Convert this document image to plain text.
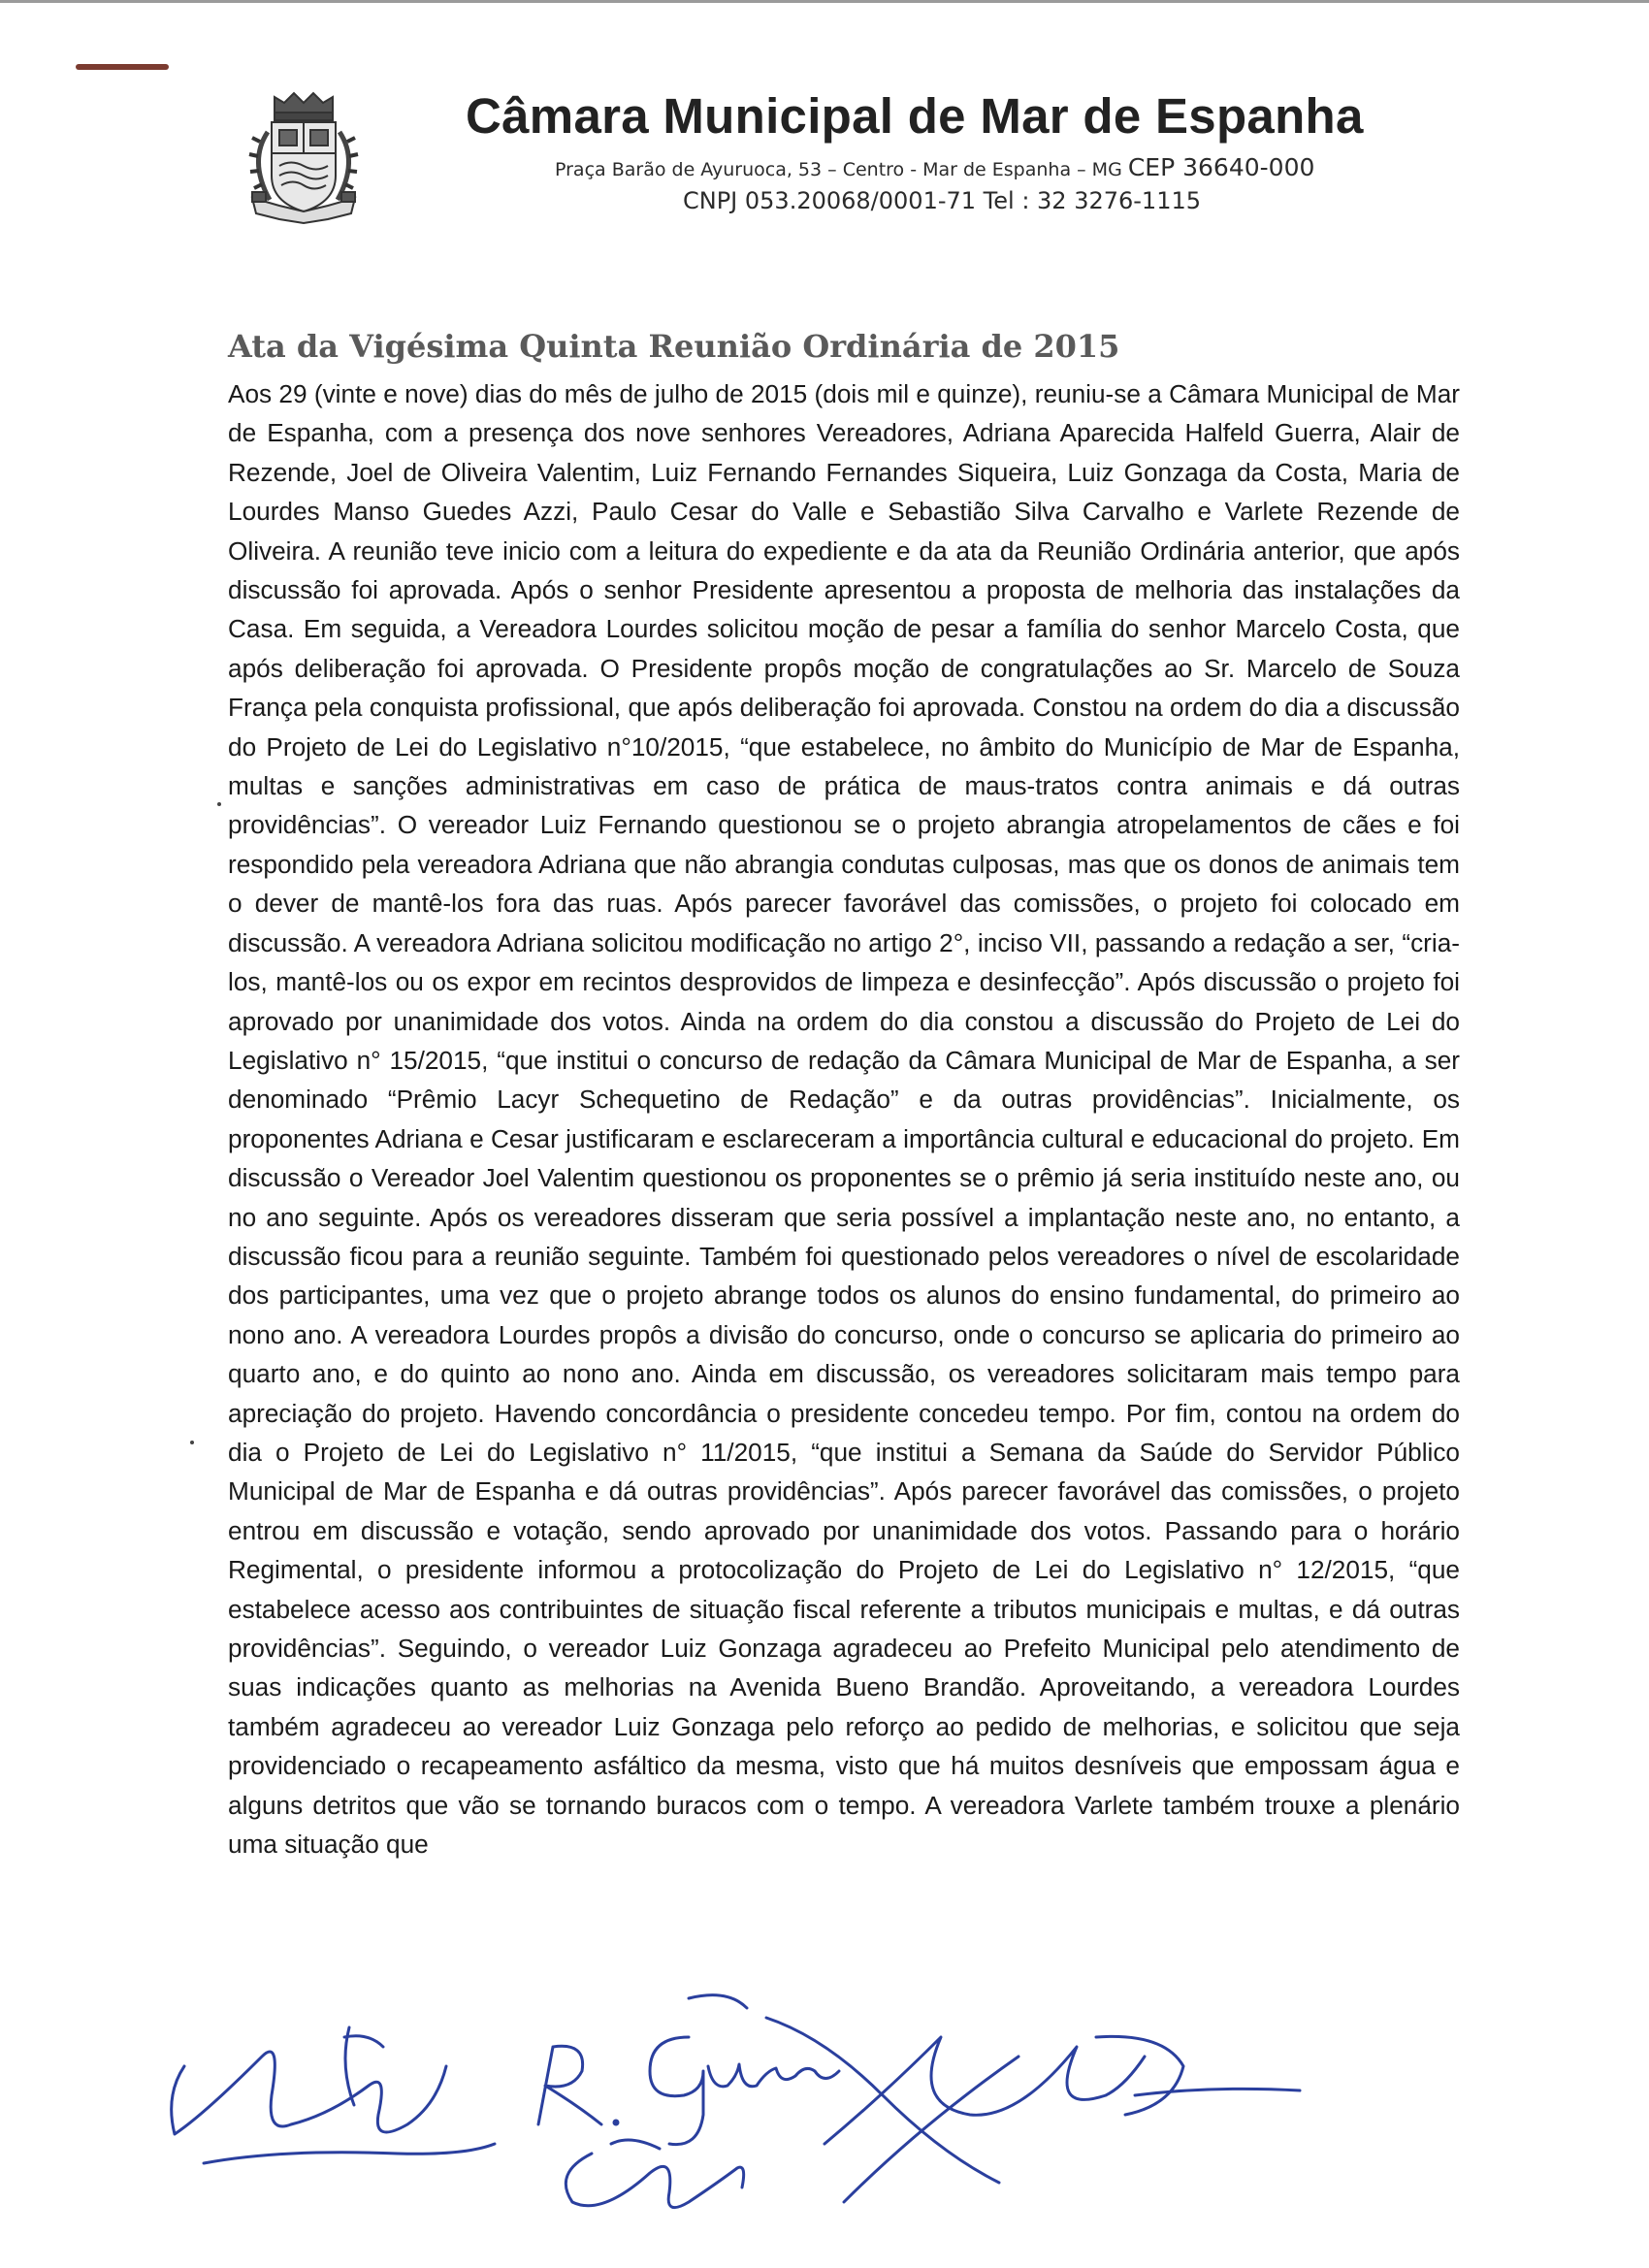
Câmara Municipal de Mar de Espanha
Praça Barão de Ayuruoca, 53 – Centro - Mar de Espanha – MG CEP 36640-000
CNPJ 053.20068/0001-71 Tel : 32 3276-1115
Ata da Vigésima Quinta Reunião Ordinária de 2015

Aos 29 (vinte e nove) dias do mês de julho de 2015 (dois mil e quinze), reuniu-se a Câmara Municipal de Mar de Espanha, com a presença dos nove senhores Vereadores, Adriana Aparecida Halfeld Guerra, Alair de Rezende, Joel de Oliveira Valentim, Luiz Fernando Fernandes Siqueira, Luiz Gonzaga da Costa, Maria de Lourdes Manso Guedes Azzi, Paulo Cesar do Valle e Sebastião Silva Carvalho e Varlete Rezende de Oliveira. A reunião teve inicio com a leitura do expediente e da ata da Reunião Ordinária anterior, que após discussão foi aprovada. Após o senhor Presidente apresentou a proposta de melhoria das instalações da Casa. Em seguida, a Vereadora Lourdes solicitou moção de pesar a família do senhor Marcelo Costa, que após deliberação foi aprovada. O Presidente propôs moção de congratulações ao Sr. Marcelo de Souza França pela conquista profissional, que após deliberação foi aprovada. Constou na ordem do dia a discussão do Projeto de Lei do Legislativo n°10/2015, “que estabelece, no âmbito do Município de Mar de Espanha, multas e sanções administrativas em caso de prática de maus-tratos contra animais e dá outras providências”. O vereador Luiz Fernando questionou se o projeto abrangia atropelamentos de cães e foi respondido pela vereadora Adriana que não abrangia condutas culposas, mas que os donos de animais tem o dever de mantê-los fora das ruas. Após parecer favorável das comissões, o projeto foi colocado em discussão. A vereadora Adriana solicitou modificação no artigo 2°, inciso VII, passando a redação a ser, “cria-los, mantê-los ou os expor em recintos desprovidos de limpeza e desinfecção”. Após discussão o projeto foi aprovado por unanimidade dos votos. Ainda na ordem do dia constou a discussão do Projeto de Lei do Legislativo n° 15/2015, “que institui o concurso de redação da Câmara Municipal de Mar de Espanha, a ser denominado “Prêmio Lacyr Schequetino de Redação” e da outras providências”. Inicialmente, os proponentes Adriana e Cesar justificaram e esclareceram a importância cultural e educacional do projeto. Em discussão o Vereador Joel Valentim questionou os proponentes se o prêmio já seria instituído neste ano, ou no ano seguinte. Após os vereadores disseram que seria possível a implantação neste ano, no entanto, a discussão ficou para a reunião seguinte. Também foi questionado pelos vereadores o nível de escolaridade dos participantes, uma vez que o projeto abrange todos os alunos do ensino fundamental, do primeiro ao nono ano. A vereadora Lourdes propôs a divisão do concurso, onde o concurso se aplicaria do primeiro ao quarto ano, e do quinto ao nono ano. Ainda em discussão, os vereadores solicitaram mais tempo para apreciação do projeto. Havendo concordância o presidente concedeu tempo. Por fim, contou na ordem do dia o Projeto de Lei do Legislativo n° 11/2015, “que institui a Semana da Saúde do Servidor Público Municipal de Mar de Espanha e dá outras providências”. Após parecer favorável das comissões, o projeto entrou em discussão e votação, sendo aprovado por unanimidade dos votos. Passando para o horário Regimental, o presidente informou a protocolização do Projeto de Lei do Legislativo n° 12/2015, “que estabelece acesso aos contribuintes de situação fiscal referente a tributos municipais e multas, e dá outras providências”. Seguindo, o vereador Luiz Gonzaga agradeceu ao Prefeito Municipal pelo atendimento de suas indicações quanto as melhorias na Avenida Bueno Brandão. Aproveitando, a vereadora Lourdes também agradeceu ao vereador Luiz Gonzaga pelo reforço ao pedido de melhorias, e solicitou que seja providenciado o recapeamento asfáltico da mesma, visto que há muitos desníveis que empossam água e alguns detritos que vão se tornando buracos com o tempo. A vereadora Varlete também trouxe a plenário uma situação que
